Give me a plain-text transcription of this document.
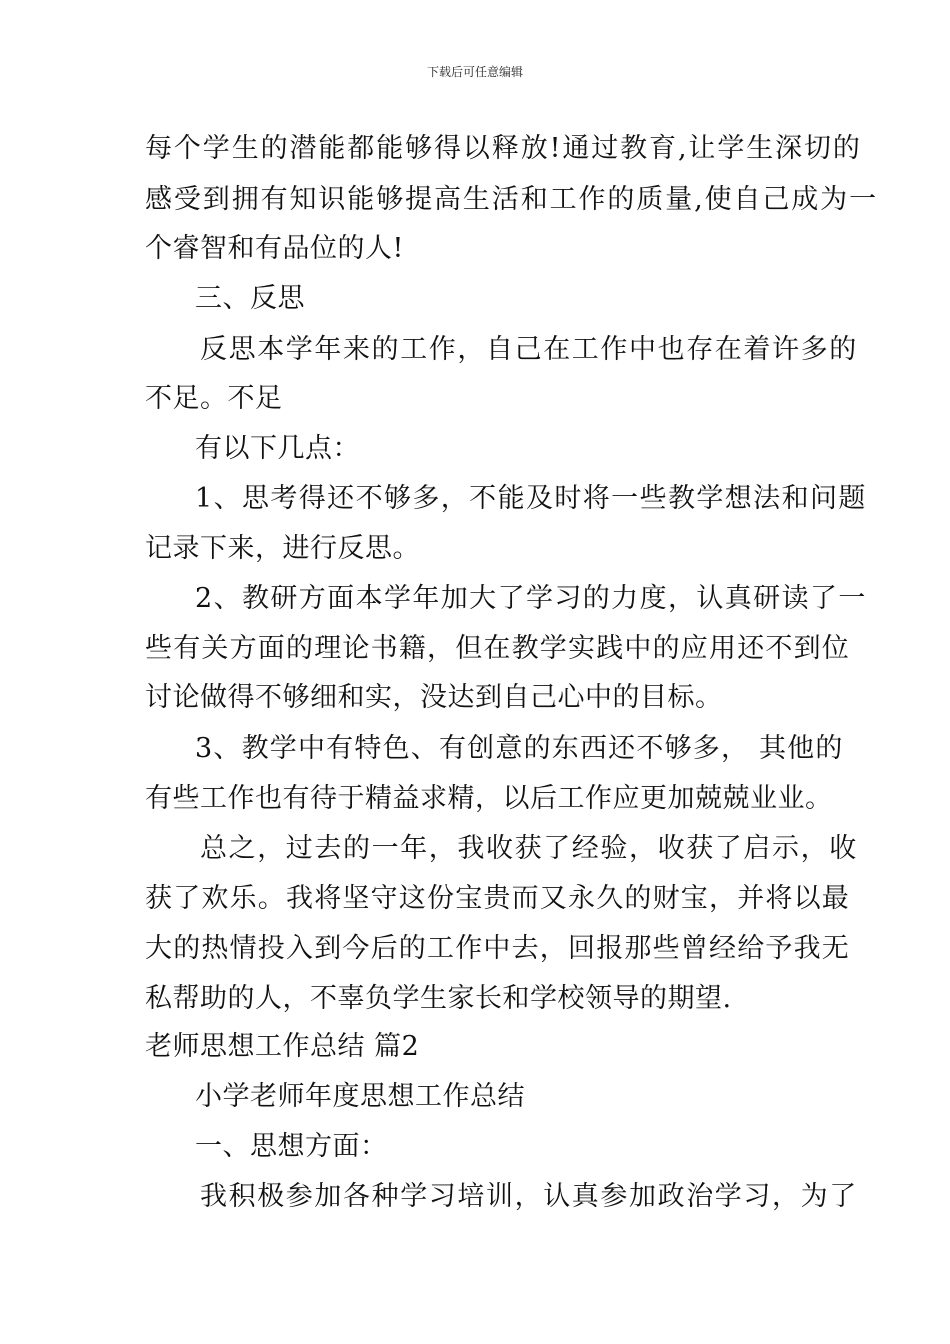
下载后可任意编辑
每个学生的潜能都能够得以释放!通过教育,让学生深切的
感受到拥有知识能够提高生活和工作的质量,使自己成为一
个睿智和有品位的人!
三、反思
反思本学年来的工作，自己在工作中也存在着许多的
不足。不足
有以下几点：
1、思考得还不够多，不能及时将一些教学想法和问题
记录下来，进行反思。
2、教研方面本学年加大了学习的力度，认真研读了一
些有关方面的理论书籍，但在教学实践中的应用还不到位
讨论做得不够细和实，没达到自己心中的目标。
3、教学中有特色、有创意的东西还不够多， 其他的
有些工作也有待于精益求精，以后工作应更加兢兢业业。
总之，过去的一年，我收获了经验，收获了启示，收
获了欢乐。我将坚守这份宝贵而又永久的财宝，并将以最
大的热情投入到今后的工作中去，回报那些曾经给予我无
私帮助的人，不辜负学生家长和学校领导的期望.
老师思想工作总结 篇2
小学老师年度思想工作总结
一、思想方面：
我积极参加各种学习培训，认真参加政治学习，为了
